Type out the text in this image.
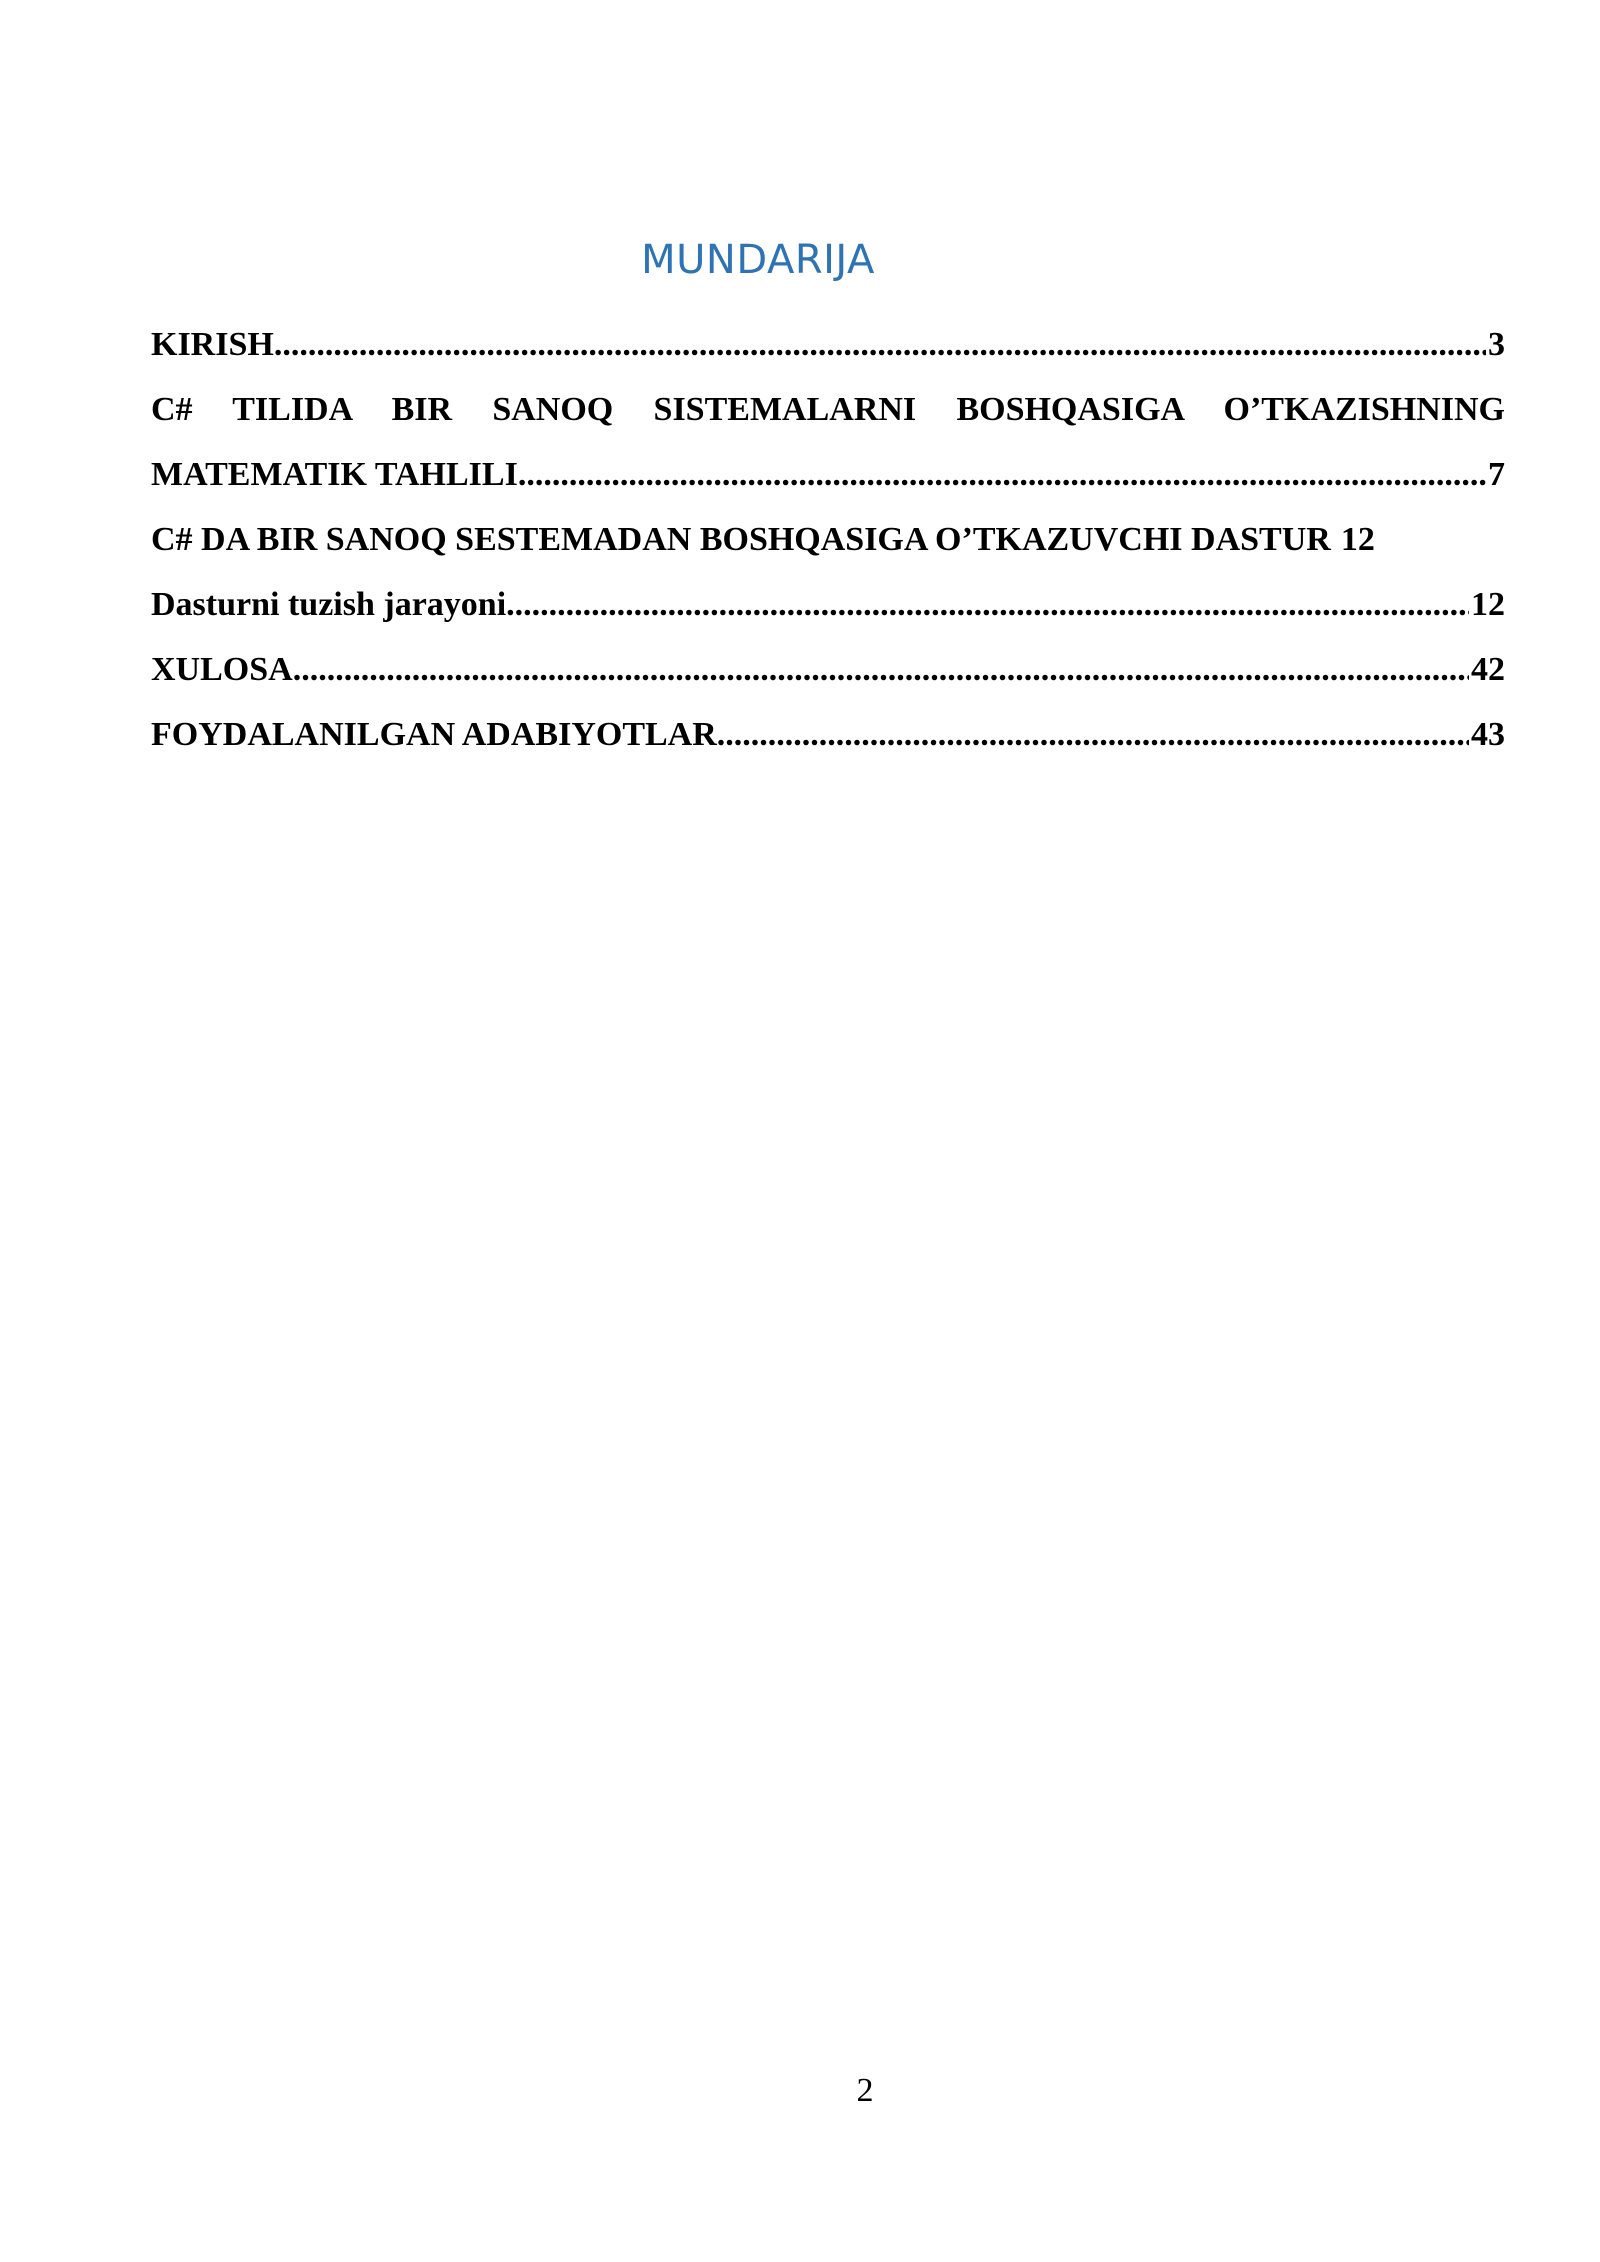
MUNDARIJA
KIRISH .....	3
C# TILIDA BIR SANOQ SISTEMALARNI BOSHQASIGA O’TKAZISHNING
MATEMATIK TAHLILI .....	7
C# DA BIR SANOQ SESTEMADAN BOSHQASIGA O’TKAZUVCHI DASTUR 12
Dasturni tuzish jarayoni .....	12
XULOSA .....	42
FOYDALANILGAN ADABIYOTLAR .....	43
2
